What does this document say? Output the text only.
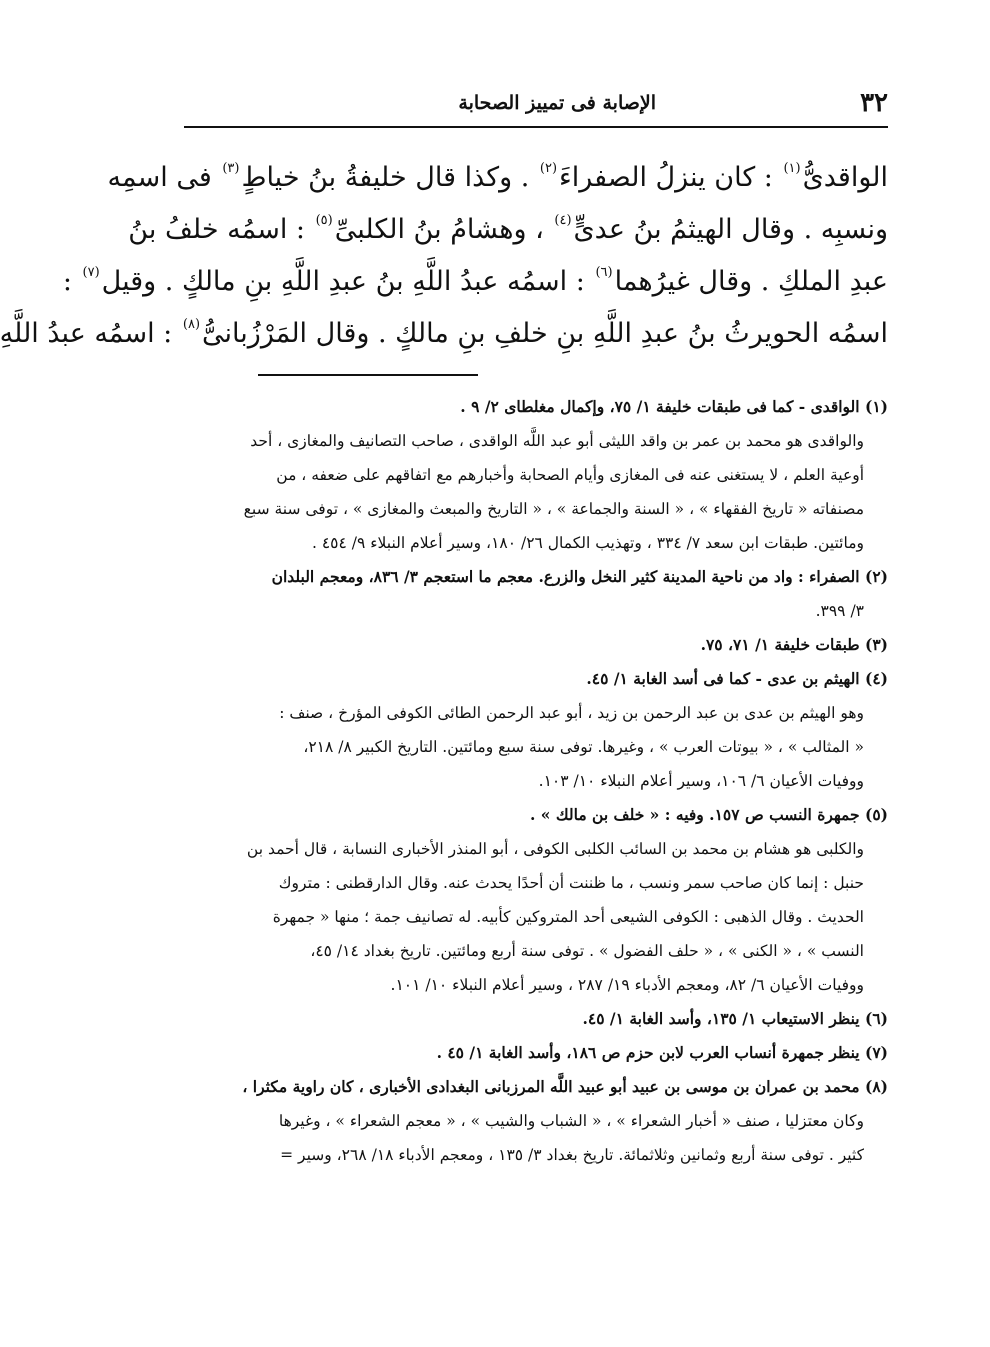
٣٢
الإصابة فى تمييز الصحابة
الواقدىُّ$^{(١)}$ : كان ينزلُ الصفراءَ$^{(٢)}$ . وكذا قال خليفةُ بنُ خياطٍ$^{(٣)}$ فى اسمِه
ونسبِه . وقال الهيثمُ بنُ عدىٍّ$^{(٤)}$ ، وهشامُ بنُ الكلبىِّ$^{(٥)}$ : اسمُه خلفُ بنُ
عبدِ الملكِ . وقال غيرُهما$^{(٦)}$ : اسمُه عبدُ اللَّهِ بنُ عبدِ اللَّهِ بنِ مالكٍ . وقيل$^{(٧)}$ :
اسمُه الحويرثُ بنُ عبدِ اللَّهِ بنِ خلفِ بنِ مالكٍ . وقال المَرْزُبانىُّ$^{(٨)}$ : اسمُه عبدُ اللَّهِ
(١) الواقدى - كما فى طبقات خليفة ١/ ٧٥، وإكمال مغلطاى ٢/ ٩ .
والواقدى هو محمد بن عمر بن واقد الليثى أبو عبد اللَّه الواقدى ، صاحب التصانيف والمغازى ، أحد
أوعية العلم ، لا يستغنى عنه فى المغازى وأيام الصحابة وأخبارهم مع اتفاقهم على ضعفه ، من
مصنفاته « تاريخ الفقهاء » ، « السنة والجماعة » ، « التاريخ والمبعث والمغازى » ، توفى سنة سبع
ومائتين. طبقات ابن سعد ٧/ ٣٣٤ ، وتهذيب الكمال ٢٦/ ١٨٠، وسير أعلام النبلاء ٩/ ٤٥٤ .
(٢) الصفراء : واد من ناحية المدينة كثير النخل والزرع. معجم ما استعجم ٣/ ٨٣٦، ومعجم البلدان
٣/ ٣٩٩.
(٣) طبقات خليفة ١/ ٧١، ٧٥.
(٤) الهيثم بن عدى - كما فى أسد الغابة ١/ ٤٥.
وهو الهيثم بن عدى بن عبد الرحمن بن زيد ، أبو عبد الرحمن الطائى الكوفى المؤرخ ، صنف :
« المثالب » ، « بيوتات العرب » ، وغيرها. توفى سنة سبع ومائتين. التاريخ الكبير ٨/ ٢١٨،
ووفيات الأعيان ٦/ ١٠٦، وسير أعلام النبلاء ١٠/ ١٠٣.
(٥) جمهرة النسب ص ١٥٧. وفيه : « خلف بن مالك » .
والكلبى هو هشام بن محمد بن السائب الكلبى الكوفى ، أبو المنذر الأخبارى النسابة ، قال أحمد بن
حنبل : إنما كان صاحب سمر ونسب ، ما ظننت أن أحدًا يحدث عنه. وقال الدارقطنى : متروك
الحديث . وقال الذهبى : الكوفى الشيعى أحد المتروكين كأبيه. له تصانيف جمة ؛ منها « جمهرة
النسب » ، « الكنى » ، « حلف الفضول » . توفى سنة أربع ومائتين. تاريخ بغداد ١٤/ ٤٥،
ووفيات الأعيان ٦/ ٨٢، ومعجم الأدباء ١٩/ ٢٨٧ ، وسير أعلام النبلاء ١٠/ ١٠١.
(٦) ينظر الاستيعاب ١/ ١٣٥، وأسد الغابة ١/ ٤٥.
(٧) ينظر جمهرة أنساب العرب لابن حزم ص ١٨٦، وأسد الغابة ١/ ٤٥ .
(٨) محمد بن عمران بن موسى بن عبيد أبو عبيد اللَّه المرزبانى البغدادى الأخبارى ، كان راوية مكثرا ،
وكان معتزليا ، صنف « أخبار الشعراء » ، « الشباب والشيب » ، « معجم الشعراء » ، وغيرها
كثير . توفى سنة أربع وثمانين وثلاثمائة. تاريخ بغداد ٣/ ١٣٥ ، ومعجم الأدباء ١٨/ ٢٦٨، وسير =
